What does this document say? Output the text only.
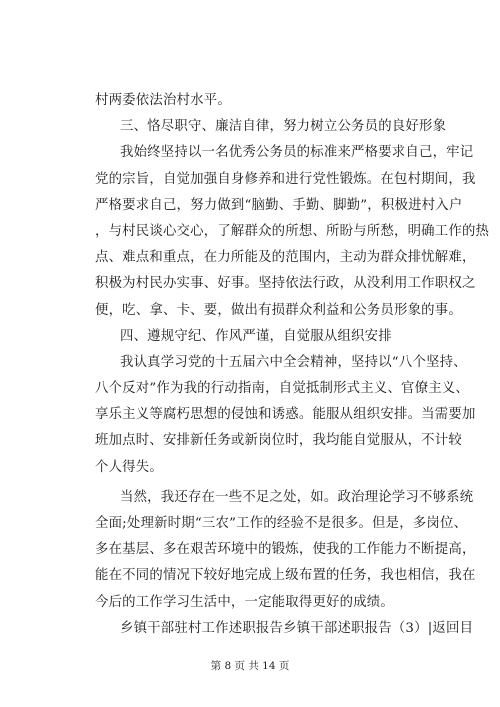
村两委依法治村水平。
三、恪尽职守、廉洁自律，努力树立公务员的良好形象
我始终坚持以一名优秀公务员的标准来严格要求自己，牢记
党的宗旨，自觉加强自身修养和进行党性锻炼。在包村期间，我
严格要求自己，努力做到“脑勤、手勤、脚勤”，积极进村入户
，与村民谈心交心，了解群众的所想、所盼与所愁，明确工作的热
点、难点和重点，在力所能及的范围内，主动为群众排忧解难，
积极为村民办实事、好事。坚持依法行政，从没利用工作职权之
便，吃、拿、卡、要，做出有损群众利益和公务员形象的事。
四、遵规守纪、作风严谨，自觉服从组织安排
我认真学习党的十五届六中全会精神，坚持以“八个坚持、
八个反对”作为我的行动指南，自觉抵制形式主义、官僚主义、
享乐主义等腐朽思想的侵蚀和诱惑。能服从组织安排。当需要加
班加点时、安排新任务或新岗位时，我均能自觉服从，不计较
个人得失。
当然，我还存在一些不足之处，如。政治理论学习不够系统
全面;处理新时期“三农”工作的经验不是很多。但是，多岗位、
多在基层、多在艰苦环境中的锻炼，使我的工作能力不断提高，
能在不同的情况下较好地完成上级布置的任务，我也相信，我在
今后的工作学习生活中，一定能取得更好的成绩。
乡镇干部驻村工作述职报告乡镇干部述职报告（3）|返回目
第 8 页 共 14 页
